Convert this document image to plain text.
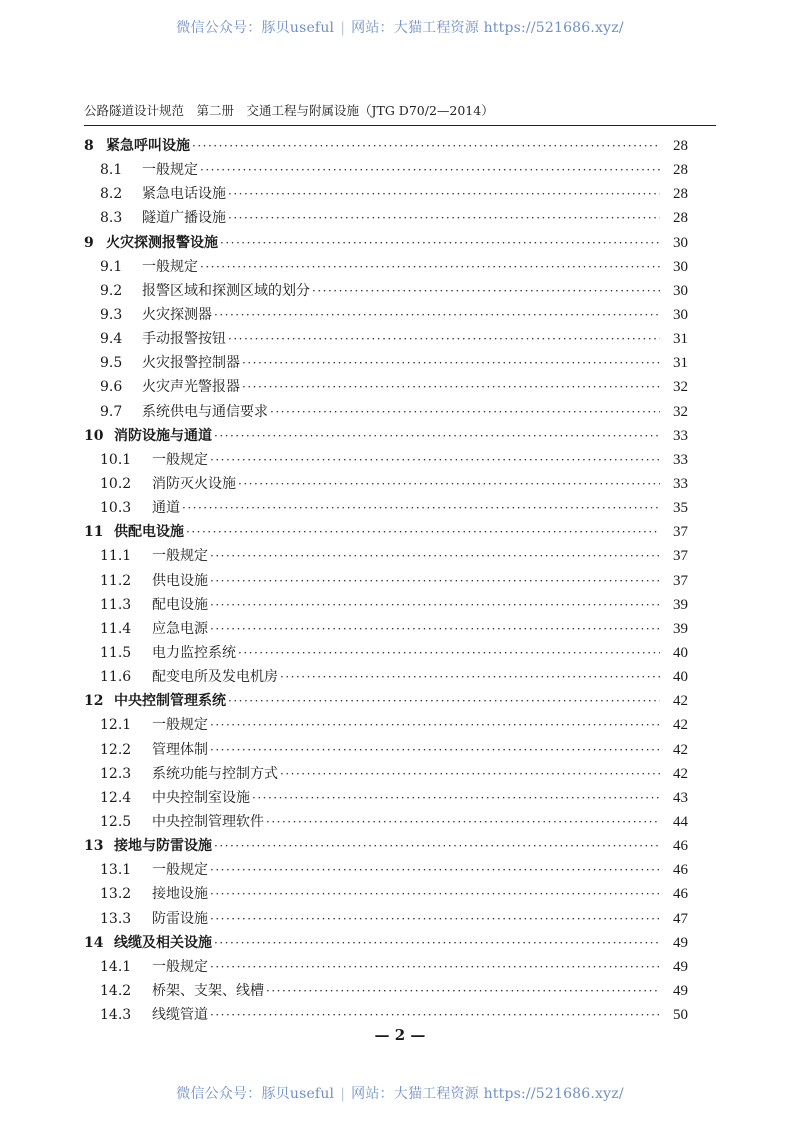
微信公众号：豚贝useful | 网站：大猫工程资源 https://521686.xyz/
公路隧道设计规范　第二册　交通工程与附属设施（JTG D70/2—2014）
8 紧急呼叫设施 ·····	28
8.1	一般规定 ·····	28
8.2	紧急电话设施 ·····	28
8.3	隧道广播设施 ·····	28
9 火灾探测报警设施 ·····	30
9.1	一般规定 ·····	30
9.2	报警区域和探测区域的划分 ·····	30
9.3	火灾探测器 ·····	30
9.4	手动报警按钮 ·····	31
9.5	火灾报警控制器 ·····	31
9.6	火灾声光警报器 ·····	32
9.7	系统供电与通信要求 ·····	32
10 消防设施与通道 ·····	33
10.1	一般规定 ·····	33
10.2	消防灭火设施 ·····	33
10.3	通道 ·····	35
11 供配电设施 ·····	37
11.1	一般规定 ·····	37
11.2	供电设施 ·····	37
11.3	配电设施 ·····	39
11.4	应急电源 ·····	39
11.5	电力监控系统 ·····	40
11.6	配变电所及发电机房 ·····	40
12 中央控制管理系统 ·····	42
12.1	一般规定 ·····	42
12.2	管理体制 ·····	42
12.3	系统功能与控制方式 ·····	42
12.4	中央控制室设施 ·····	43
12.5	中央控制管理软件 ·····	44
13 接地与防雷设施 ·····	46
13.1	一般规定 ·····	46
13.2	接地设施 ·····	46
13.3	防雷设施 ·····	47
14 线缆及相关设施 ·····	49
14.1	一般规定 ·····	49
14.2	桥架、支架、线槽 ·····	49
14.3	线缆管道 ·····	50
— 2 —
微信公众号：豚贝useful | 网站：大猫工程资源 https://521686.xyz/
